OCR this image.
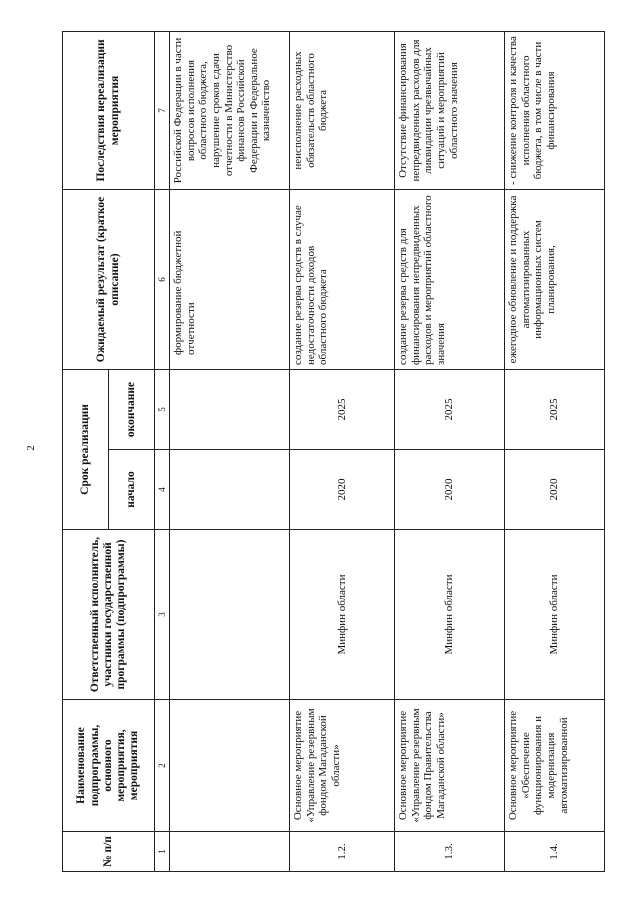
2
№ п/п	Наименование подпрограммы, основного мероприятия, мероприятия	Ответственный исполнитель, участники государственной программы (подпрограммы)	Срок реализации		Ожидаемый результат (краткое описание)	Последствия нереализации мероприятия
			начало	окончание		
1	2	3	4	5	6	7
					формирование бюджетной отчетности	Российской Федерации в части вопросов исполнения областного бюджета, нарушение сроков сдачи отчетности в Министерство финансов Российской Федерации и Федеральное казначейство
1.2.	Основное мероприятие «Управление резервным фондом Магаданской области»	Минфин области	2020	2025	создание резерва средств в случае недостаточности доходов областного бюджета	неисполнение расходных обязательств областного бюджета
1.3.	Основное мероприятие «Управление резервным фондом Правительства Магаданской области»	Минфин области	2020	2025	создание резерва средств для финансирования непредвиденных расходов и мероприятий областного значения	Отсутствие финансирования непредвиденных расходов для ликвидации чрезвычайных ситуаций и мероприятий областного значения
1.4.	Основное мероприятие «Обеспечение функционирования и модернизация автоматизированной	Минфин области	2020	2025	ежегодное обновление и поддержка автоматизированных информационных систем планирования,	- снижение контроля и качества исполнения областного бюджета, в том числе в части финансирования
